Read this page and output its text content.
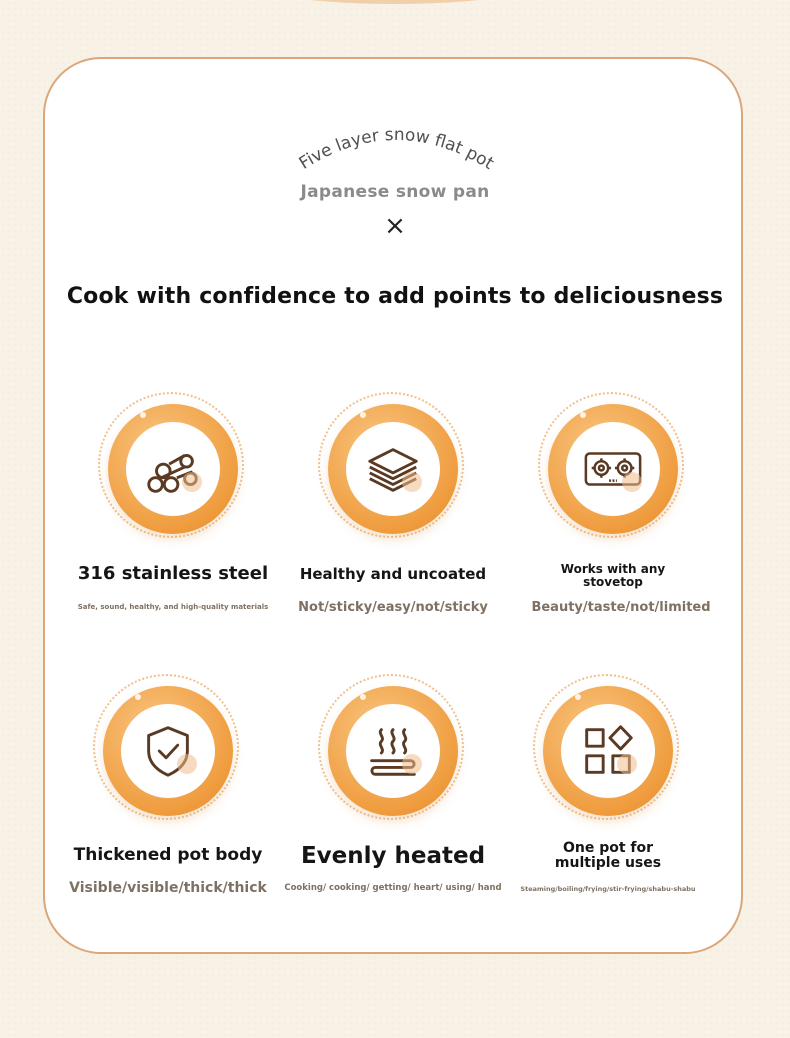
Five layer snow flat pot
Japanese snow pan
×
Cook with confidence to add points to deliciousness
316 stainless steel
Safe, sound, healthy, and high-quality materials
Healthy and uncoated
Not/sticky/easy/not/sticky
Works with any stovetop
Beauty/taste/not/limited
Thickened pot body
Visible/visible/thick/thick
Evenly heated
Cooking/ cooking/ getting/ heart/ using/ hand
One pot for multiple uses
Steaming/boiling/frying/stir-frying/shabu-shabu
